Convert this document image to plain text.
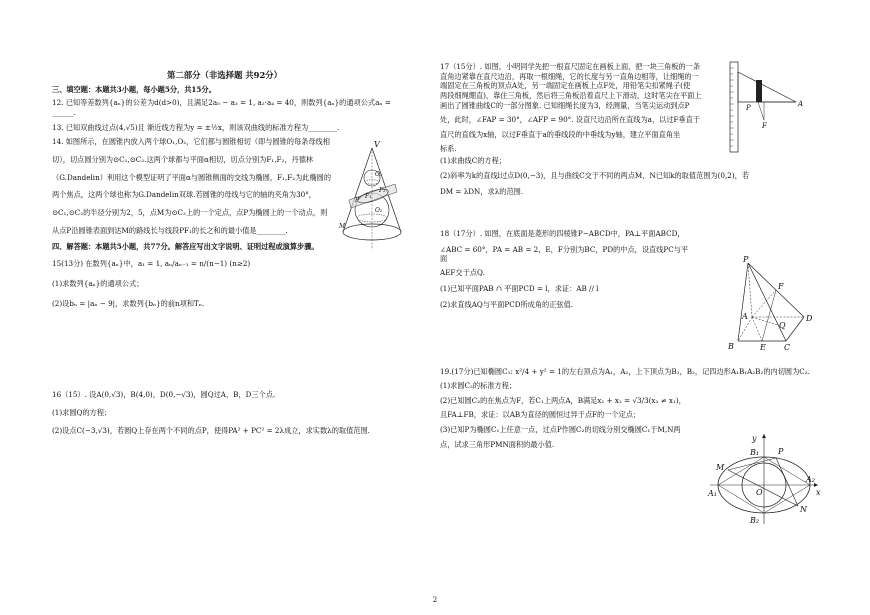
第二部分（非选择题 共92分）
三、填空题：本题共3小题，每小题5分，共15分。
12. 已知等差数列{aₙ}的公差为d(d>0)，且满足2a₅ − a₃ = 1, a₂·a₄ = 40，则数列{aₙ}的通项公式aₙ = ______.
13. 已知双曲线过点(4,√5)且 渐近线方程为y = ±½x，则该双曲线的标准方程为________.
14. 如图所示，在圆锥内放入两个球O₁,O₂，它们都与圆锥相切（即与圆锥的每条母线相
切），切点圆分别为⊙C₁,⊙C₂.这两个球都与平面α相切，切点分别为F₁,F₂，丹德林
（G.Dandelin）利用这个模型证明了平面α与圆锥侧面的交线为椭圆，F₁,F₂为此椭圆的
两个焦点，这两个球也称为G.Dandelin双球.若圆锥的母线与它的轴的夹角为30°，
⊙C₁,⊙C₂的半径分别为2，5，点M为⊙C₂上的一个定点，点P为椭圆上的一个动点，则
从点P沿圆锥表面到达M的路线长与线段PF₁的长之和的最小值是________.
四、解答题：本题共5小题，共77分。解答应写出文字说明、证明过程或演算步骤。
15(13分) 在数列{aₙ}中，a₁ = 1, aₙ/aₙ₋₁ = n/(n−1) (n≥2)
(1)求数列{aₙ}的通项公式；
(2)设bₙ = |aₙ − 9|，求数列{bₙ}的前n项和Tₙ.
16（15）. 设A(0,√3)，B(4,0)，D(0,−√3)，圆Q过A，B，D三个点.
(1)求圆Q的方程；
(2)设点C(−3,√3)，若圆Q上存在两个不同的点P，使得PA² + PC² = 2λ成立，求实数λ的取值范围.
V
O₁
O₂
F₁
F₂
P
M
17（15分）. 如图，小明同学先把一根直尺固定在画板上面，把一块三角板的一条
直角边紧靠在直尺边沿，再取一根细绳，它的长度与另一直角边相等，让细绳的一
端固定在三角板的顶点A处，另一端固定在画板上点F处，用铅笔尖扣紧绳子(使
两段细绳绷直)，靠住三角板，然后将三角板沿着直尺上下滑动，这时笔尖在平面上
画出了圆锥曲线C的一部分图象. 已知细绳长度为3，经测量，当笔尖运动到点P
处，此时，∠FAP = 30°，∠AFP = 90°. 设直尺边沿所在直线为a，以过F垂直于
直尺的直线为x轴，以过F垂直于a的垂线段的中垂线为y轴，建立平面直角坐
标系.
(1)求曲线C的方程；
(2)斜率为k的直线l过点D(0,−3)，且与曲线C交于不同的两点M，N已知k的取值范围为(0,2)，若
DM = λDN，求λ的范围.
18（17分）. 如图，在底面是菱形的四棱锥P−ABCD中，PA⊥平面ABCD，
∠ABC = 60°，PA = AB = 2，E，F分别为BC，PD的中点，设直线PC与平面
AEF交于点Q.
(1)已知平面PAB ∩ 平面PCD = l，求证：AB // l
(2)求直线AQ与平面PCD所成角的正弦值.
19.(17分)已知椭圆C₁: x²/4 + y² = 1的左右顶点为A₁，A₂，上下顶点为B₁，B₂，记四边形A₁B₁A₂B₂的内切圆为C₂.
(1)求圆C₂的标准方程；
(2)已知圆C₂的在焦点为F，若C₁上两点A，B满足x₁ + x₂ = √3/3(x₂ ≠ x₁)，
且FA⊥FB，求证：以AB为直径的圆恒过异于点F的一个定点；
(3)已知P为椭圆C₁上任意一点，过点P作圆C₂的切线分别交椭圆C₁于M,N两
点，试求三角形PMN面积的最小值.
P	A
F
P
A
B	E C
D
F
Q
y
x
O
M
N
P
A₁
A₂
B₁
B₂
2
